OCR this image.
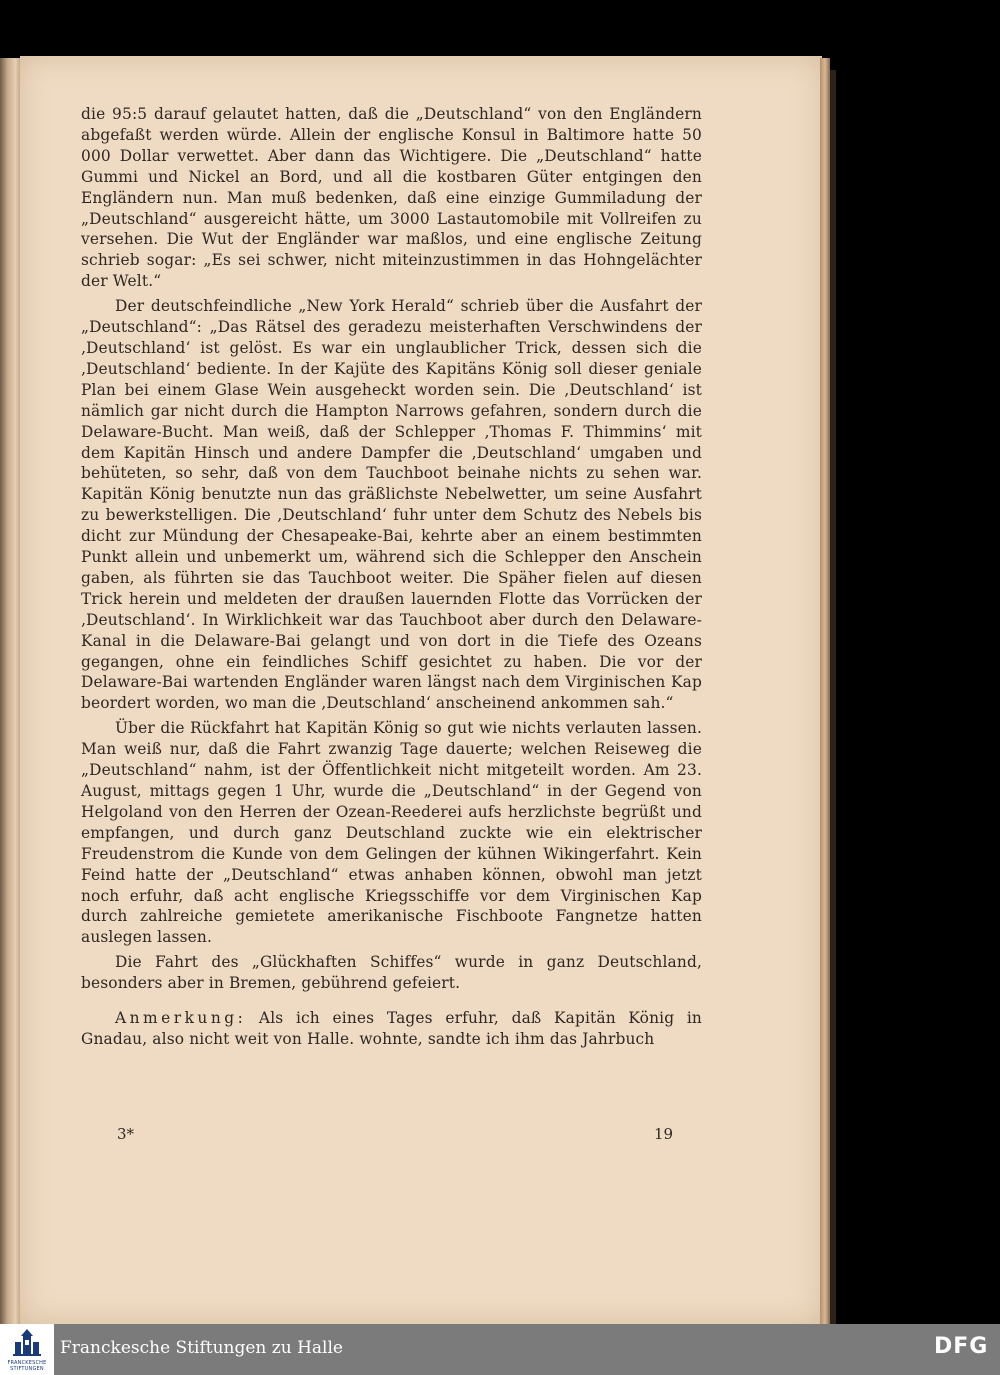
die 95:5 darauf gelautet hatten, daß die „Deutschland“ von den Engländern abgefaßt werden würde. Allein der englische Konsul in Baltimore hatte 50 000 Dollar verwettet. Aber dann das Wichtigere. Die „Deutschland“ hatte Gummi und Nickel an Bord, und all die kostbaren Güter entgingen den Engländern nun. Man muß bedenken, daß eine einzige Gummiladung der „Deutschland“ ausgereicht hätte, um 3000 Lastautomobile mit Vollreifen zu versehen. Die Wut der Engländer war maßlos, und eine englische Zeitung schrieb sogar: „Es sei schwer, nicht miteinzustimmen in das Hohngelächter der Welt.“

Der deutschfeindliche „New York Herald“ schrieb über die Ausfahrt der „Deutschland“: „Das Rätsel des geradezu meisterhaften Verschwindens der ‚Deutschland‘ ist gelöst. Es war ein unglaublicher Trick, dessen sich die ‚Deutschland‘ bediente. In der Kajüte des Kapitäns König soll dieser geniale Plan bei einem Glase Wein ausgeheckt worden sein. Die ‚Deutschland‘ ist nämlich gar nicht durch die Hampton Narrows gefahren, sondern durch die Delaware-Bucht. Man weiß, daß der Schlepper ‚Thomas F. Thimmins‘ mit dem Kapitän Hinsch und andere Dampfer die ‚Deutschland‘ umgaben und behüteten, so sehr, daß von dem Tauchboot beinahe nichts zu sehen war. Kapitän König benutzte nun das gräßlichste Nebelwetter, um seine Ausfahrt zu bewerkstelligen. Die ‚Deutschland‘ fuhr unter dem Schutz des Nebels bis dicht zur Mündung der Chesapeake-Bai, kehrte aber an einem bestimmten Punkt allein und unbemerkt um, während sich die Schlepper den Anschein gaben, als führten sie das Tauchboot weiter. Die Späher fielen auf diesen Trick herein und meldeten der draußen lauernden Flotte das Vorrücken der ‚Deutschland‘. In Wirklichkeit war das Tauchboot aber durch den Delaware-Kanal in die Delaware-Bai gelangt und von dort in die Tiefe des Ozeans gegangen, ohne ein feindliches Schiff gesichtet zu haben. Die vor der Delaware-Bai wartenden Engländer waren längst nach dem Virginischen Kap beordert worden, wo man die ‚Deutschland‘ anscheinend ankommen sah.“

Über die Rückfahrt hat Kapitän König so gut wie nichts verlauten lassen. Man weiß nur, daß die Fahrt zwanzig Tage dauerte; welchen Reiseweg die „Deutschland“ nahm, ist der Öffentlichkeit nicht mitgeteilt worden. Am 23. August, mittags gegen 1 Uhr, wurde die „Deutschland“ in der Gegend von Helgoland von den Herren der Ozean-Reederei aufs herzlichste begrüßt und empfangen, und durch ganz Deutschland zuckte wie ein elektrischer Freudenstrom die Kunde von dem Gelingen der kühnen Wikingerfahrt. Kein Feind hatte der „Deutschland“ etwas anhaben können, obwohl man jetzt noch erfuhr, daß acht englische Kriegsschiffe vor dem Virginischen Kap durch zahlreiche gemietete amerikanische Fischboote Fangnetze hatten auslegen lassen.

Die Fahrt des „Glückhaften Schiffes“ wurde in ganz Deutschland, besonders aber in Bremen, gebührend gefeiert.

Anmerkung: Als ich eines Tages erfuhr, daß Kapitän König in Gnadau, also nicht weit von Halle. wohnte, sandte ich ihm das Jahrbuch

3*	19
FRANCKESCHE STIFTUNGEN
Franckesche Stiftungen zu Halle	DFG
